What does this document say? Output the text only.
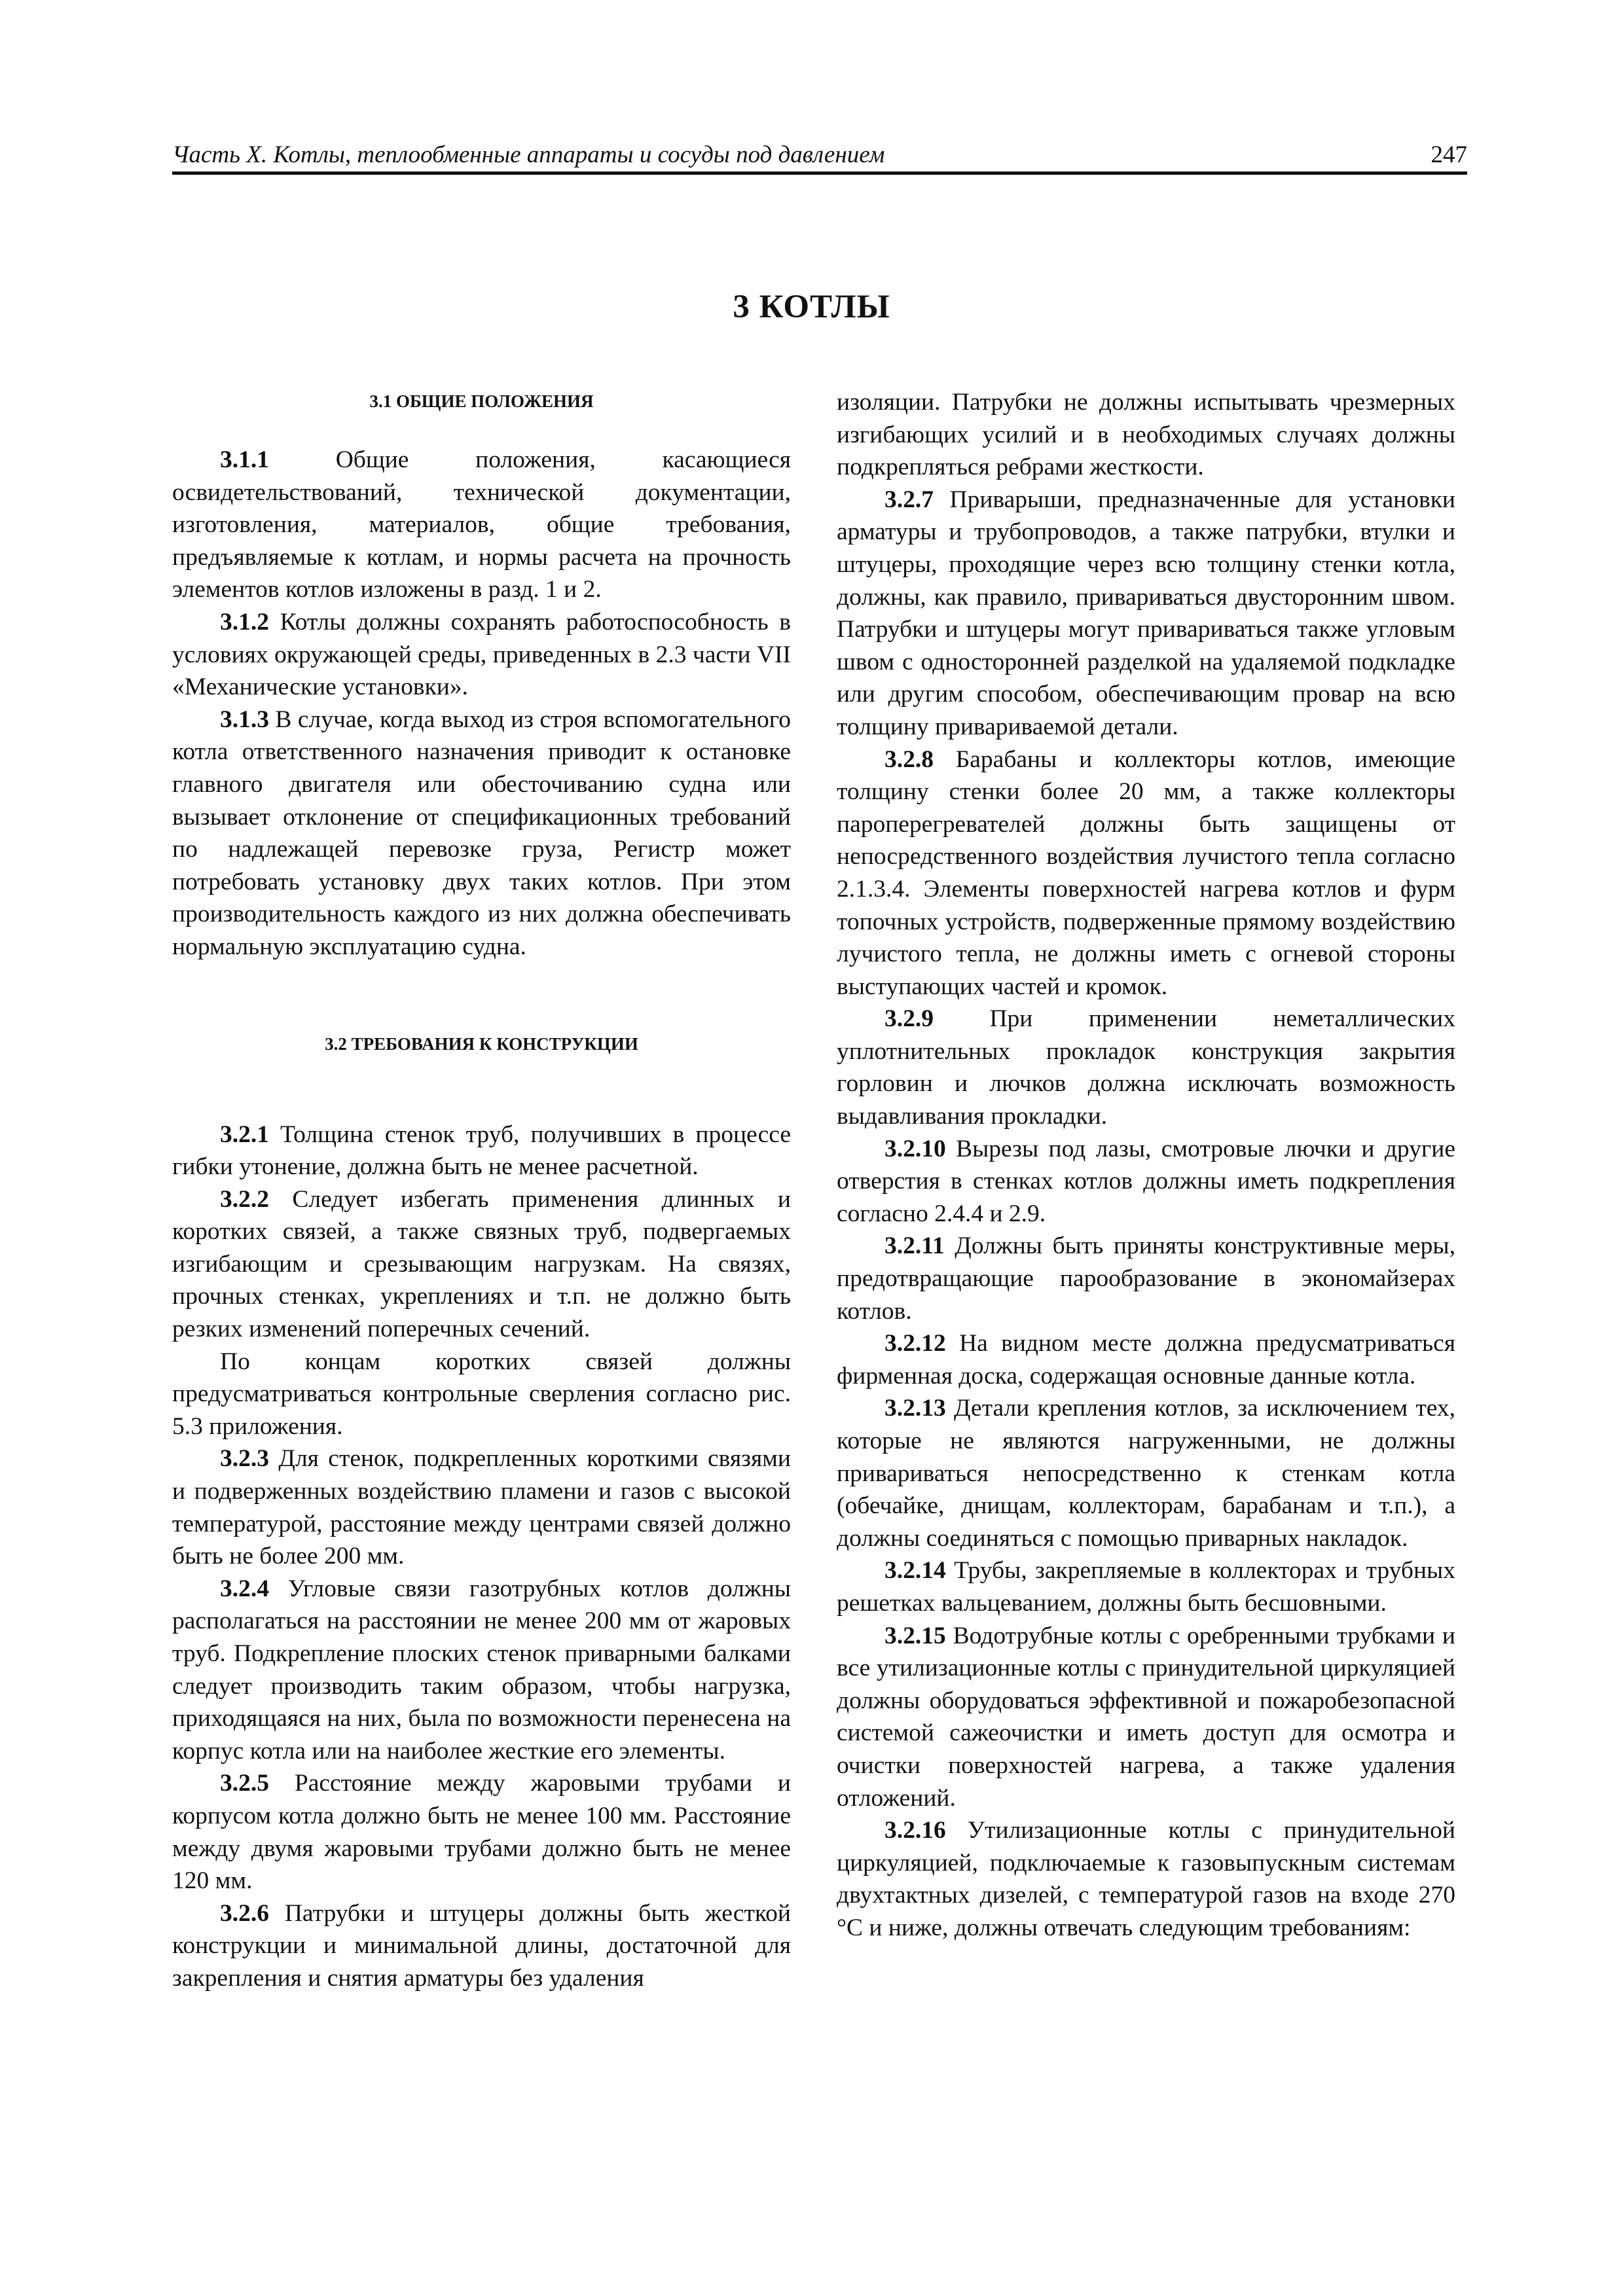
Часть X. Котлы, теплообменные аппараты и сосуды под давлением	247
3 КОТЛЫ
3.1 ОБЩИЕ ПОЛОЖЕНИЯ

3.1.1 Общие положения, касающиеся освидетельствований, технической документации, изготовления, материалов, общие требования, предъявляемые к котлам, и нормы расчета на прочность элементов котлов изложены в разд. 1 и 2.

3.1.2 Котлы должны сохранять работоспособность в условиях окружающей среды, приведенных в 2.3 части VII «Механические установки».

3.1.3 В случае, когда выход из строя вспомогательного котла ответственного назначения приводит к остановке главного двигателя или обесточиванию судна или вызывает отклонение от спецификационных требований по надлежащей перевозке груза, Регистр может потребовать установку двух таких котлов. При этом производительность каждого из них должна обеспечивать нормальную эксплуатацию судна.

3.2 ТРЕБОВАНИЯ К КОНСТРУКЦИИ

3.2.1 Толщина стенок труб, получивших в процессе гибки утонение, должна быть не менее расчетной.

3.2.2 Следует избегать применения длинных и коротких связей, а также связных труб, подвергаемых изгибающим и срезывающим нагрузкам. На связях, прочных стенках, укреплениях и т.п. не должно быть резких изменений поперечных сечений.

По концам коротких связей должны предусматриваться контрольные сверления согласно рис. 5.3 приложения.

3.2.3 Для стенок, подкрепленных короткими связями и подверженных воздействию пламени и газов с высокой температурой, расстояние между центрами связей должно быть не более 200 мм.

3.2.4 Угловые связи газотрубных котлов должны располагаться на расстоянии не менее 200 мм от жаровых труб. Подкрепление плоских стенок приварными балками следует производить таким образом, чтобы нагрузка, приходящаяся на них, была по возможности перенесена на корпус котла или на наиболее жесткие его элементы.

3.2.5 Расстояние между жаровыми трубами и корпусом котла должно быть не менее 100 мм. Расстояние между двумя жаровыми трубами должно быть не менее 120 мм.

3.2.6 Патрубки и штуцеры должны быть жесткой конструкции и минимальной длины, достаточной для закрепления и снятия арматуры без удаления

изоляции. Патрубки не должны испытывать чрезмерных изгибающих усилий и в необходимых случаях должны подкрепляться ребрами жесткости.

3.2.7 Приварыши, предназначенные для установки арматуры и трубопроводов, а также патрубки, втулки и штуцеры, проходящие через всю толщину стенки котла, должны, как правило, привариваться двусторонним швом. Патрубки и штуцеры могут привариваться также угловым швом с односторонней разделкой на удаляемой подкладке или другим способом, обеспечивающим провар на всю толщину привариваемой детали.

3.2.8 Барабаны и коллекторы котлов, имеющие толщину стенки более 20 мм, а также коллекторы пароперегревателей должны быть защищены от непосредственного воздействия лучистого тепла согласно 2.1.3.4. Элементы поверхностей нагрева котлов и фурм топочных устройств, подверженные прямому воздействию лучистого тепла, не должны иметь с огневой стороны выступающих частей и кромок.

3.2.9 При применении неметаллических уплотнительных прокладок конструкция закрытия горловин и лючков должна исключать возможность выдавливания прокладки.

3.2.10 Вырезы под лазы, смотровые лючки и другие отверстия в стенках котлов должны иметь подкрепления согласно 2.4.4 и 2.9.

3.2.11 Должны быть приняты конструктивные меры, предотвращающие парообразование в экономайзерах котлов.

3.2.12 На видном месте должна предусматриваться фирменная доска, содержащая основные данные котла.

3.2.13 Детали крепления котлов, за исключением тех, которые не являются нагруженными, не должны привариваться непосредственно к стенкам котла (обечайке, днищам, коллекторам, барабанам и т.п.), а должны соединяться с помощью приварных накладок.

3.2.14 Трубы, закрепляемые в коллекторах и трубных решетках вальцеванием, должны быть бесшовными.

3.2.15 Водотрубные котлы с оребренными трубками и все утилизационные котлы с принудительной циркуляцией должны оборудоваться эффективной и пожаробезопасной системой сажеочистки и иметь доступ для осмотра и очистки поверхностей нагрева, а также удаления отложений.

3.2.16 Утилизационные котлы с принудительной циркуляцией, подключаемые к газовыпускным системам двухтактных дизелей, с температурой газов на входе 270 °С и ниже, должны отвечать следующим требованиям:
